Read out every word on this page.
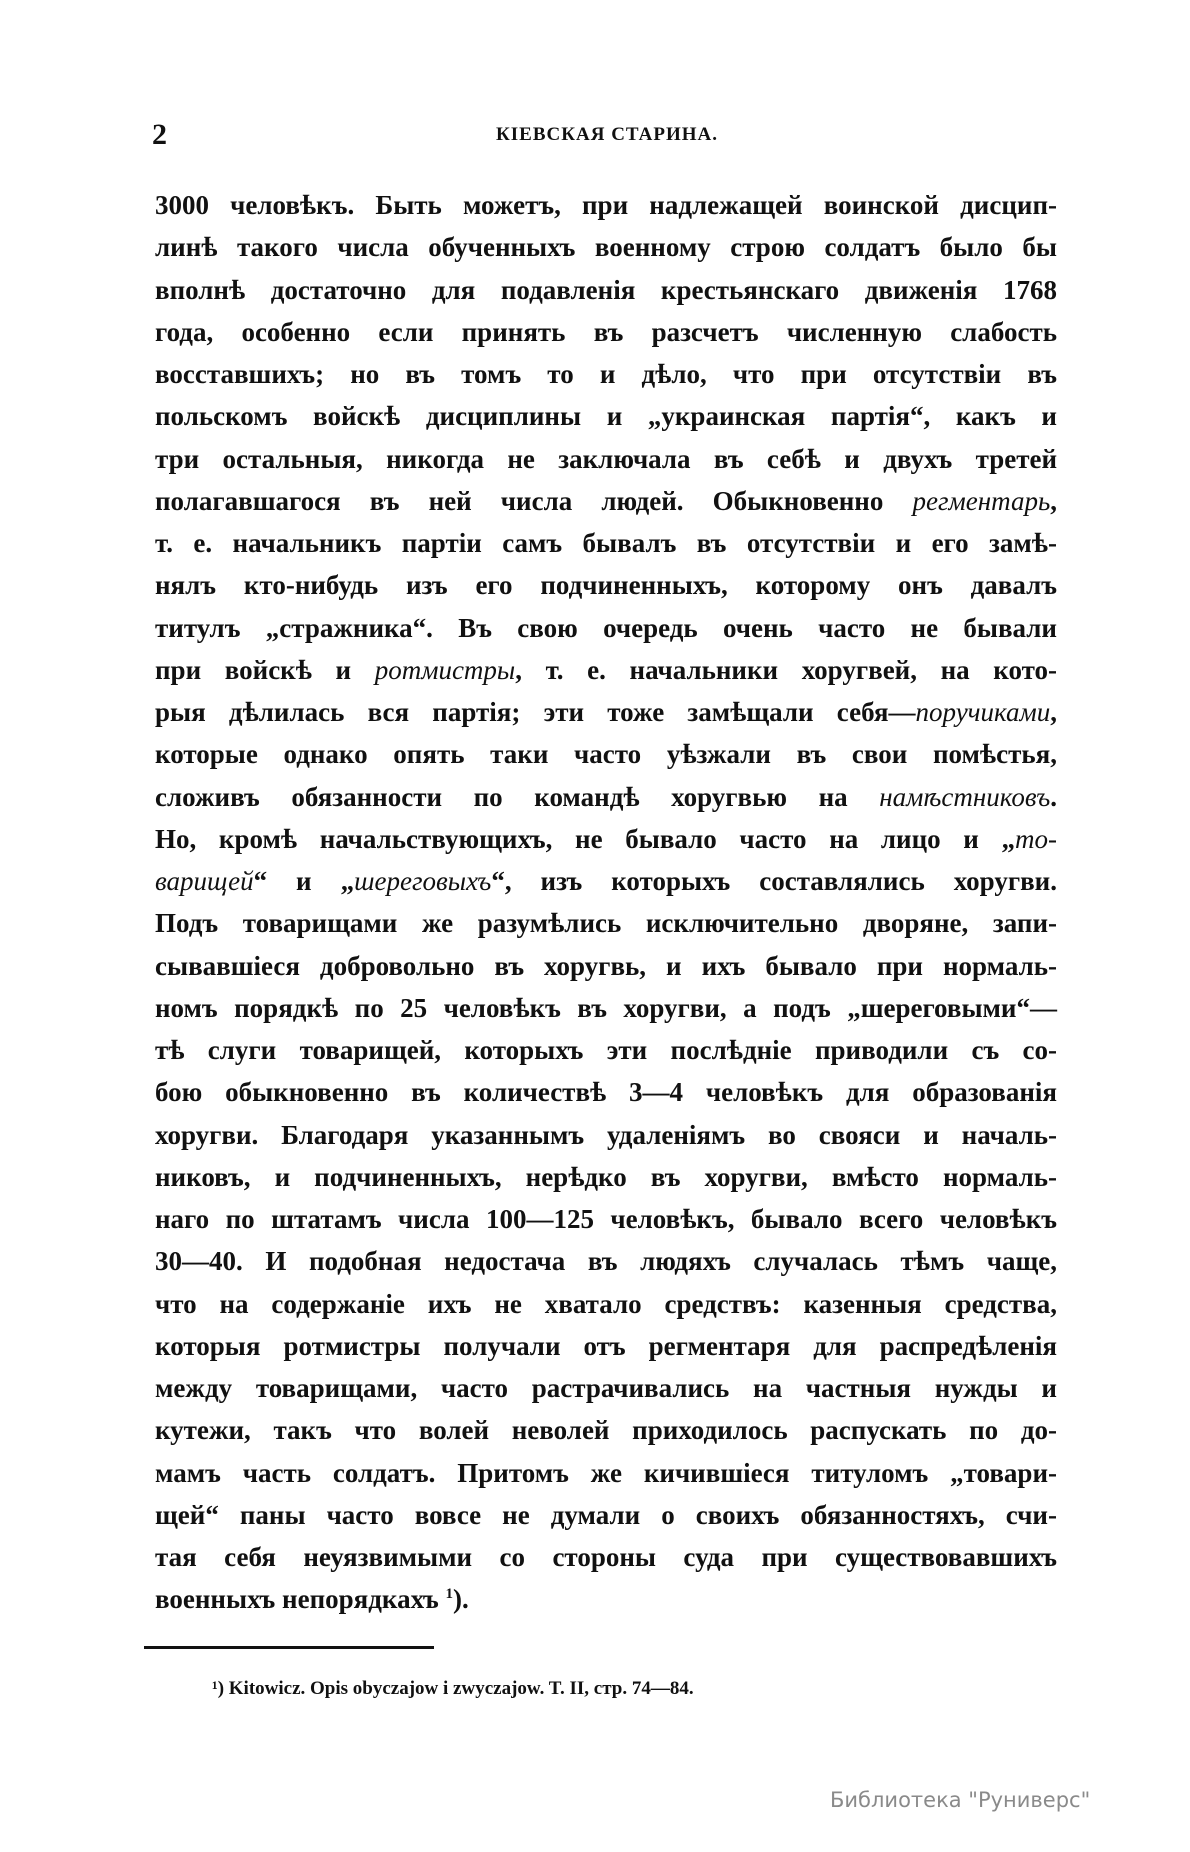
2	КІЕВСКАЯ СТАРИНА.
3000 человѣкъ. Быть можетъ, при надлежащей воинской дисцип-
линѣ такого числа обученныхъ военному строю солдатъ было бы
вполнѣ достаточно для подавленія крестьянскаго движенія 1768
года, особенно если принять въ разсчетъ численную слабость
восставшихъ; но въ томъ то и дѣло, что при отсутствіи въ
польскомъ войскѣ дисциплины и „украинская партія“, какъ и
три остальныя, никогда не заключала въ себѣ и двухъ третей
полагавшагося въ ней числа людей. Обыкновенно регментарь,
т. е. начальникъ партіи самъ бывалъ въ отсутствіи и его замѣ-
нялъ кто-нибудь изъ его подчиненныхъ, которому онъ давалъ
титулъ „стражника“. Въ свою очередь очень часто не бывали
при войскѣ и ротмистры, т. е. начальники хоругвей, на кото-
рыя дѣлилась вся партія; эти тоже замѣщали себя—поручиками,
которые однако опять таки часто уѣзжали въ свои помѣстья,
сложивъ обязанности по командѣ хоругвью на намѣстниковъ.
Но, кромѣ начальствующихъ, не бывало часто на лицо и „то-
варищей“ и „шереговыхъ“, изъ которыхъ составлялись хоругви.
Подъ товарищами же разумѣлись исключительно дворяне, запи-
сывавшіеся добровольно въ хоругвь, и ихъ бывало при нормаль-
номъ порядкѣ по 25 человѣкъ въ хоругви, а подъ „шереговыми“—
тѣ слуги товарищей, которыхъ эти послѣдніе приводили съ со-
бою обыкновенно въ количествѣ 3—4 человѣкъ для образованія
хоругви. Благодаря указаннымъ удаленіямъ во свояси и началь-
никовъ, и подчиненныхъ, нерѣдко въ хоругви, вмѣсто нормаль-
наго по штатамъ числа 100—125 человѣкъ, бывало всего человѣкъ
30—40. И подобная недостача въ людяхъ случалась тѣмъ чаще,
что на содержаніе ихъ не хватало средствъ: казенныя средства,
которыя ротмистры получали отъ регментаря для распредѣленія
между товарищами, часто растрачивались на частныя нужды и
кутежи, такъ что волей неволей приходилось распускать по до-
мамъ часть солдатъ. Притомъ же кичившіеся титуломъ „товари-
щей“ паны часто вовсе не думали о своихъ обязанностяхъ, счи-
тая себя неуязвимыми со стороны суда при существовавшихъ
военныхъ непорядкахъ $^1$).
¹) Kitowicz. Opis obyczajow i zwyczajow. T. II, стр. 74—84.
Библиотека "Руниверс"
